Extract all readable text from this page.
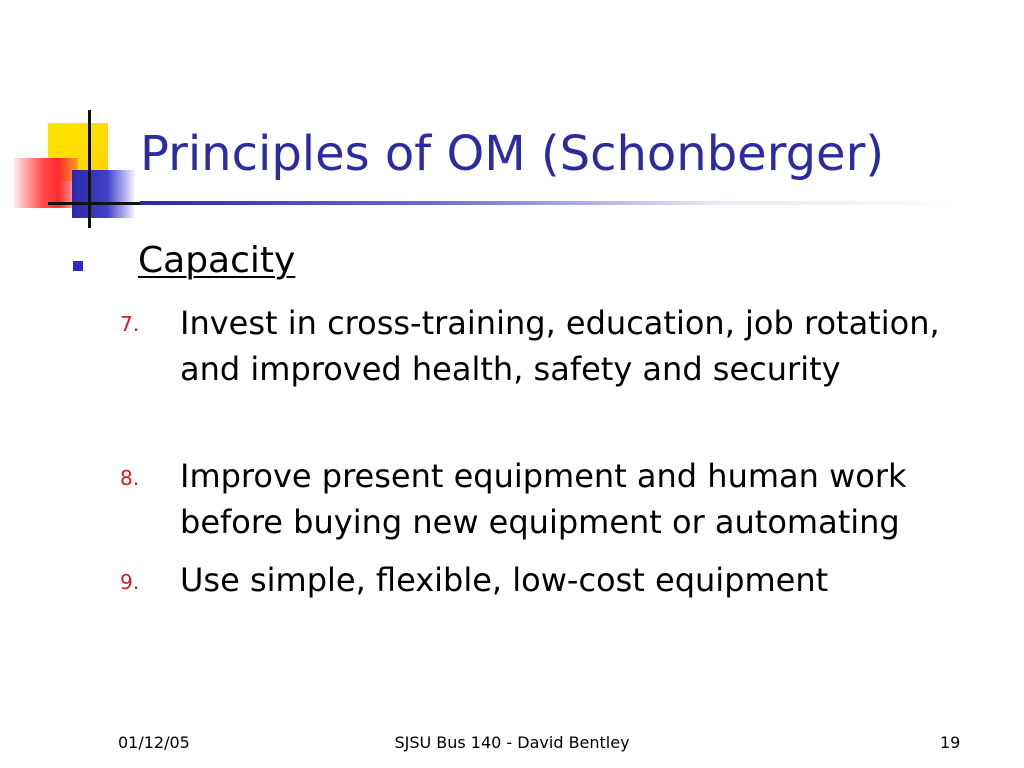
Principles of OM (Schonberger)
Capacity
7. Invest in cross-training, education, job rotation, and improved health, safety and security
8. Improve present equipment and human work before buying new equipment or automating
9. Use simple, flexible, low-cost equipment
01/12/05	SJSU Bus 140 - David Bentley	19
